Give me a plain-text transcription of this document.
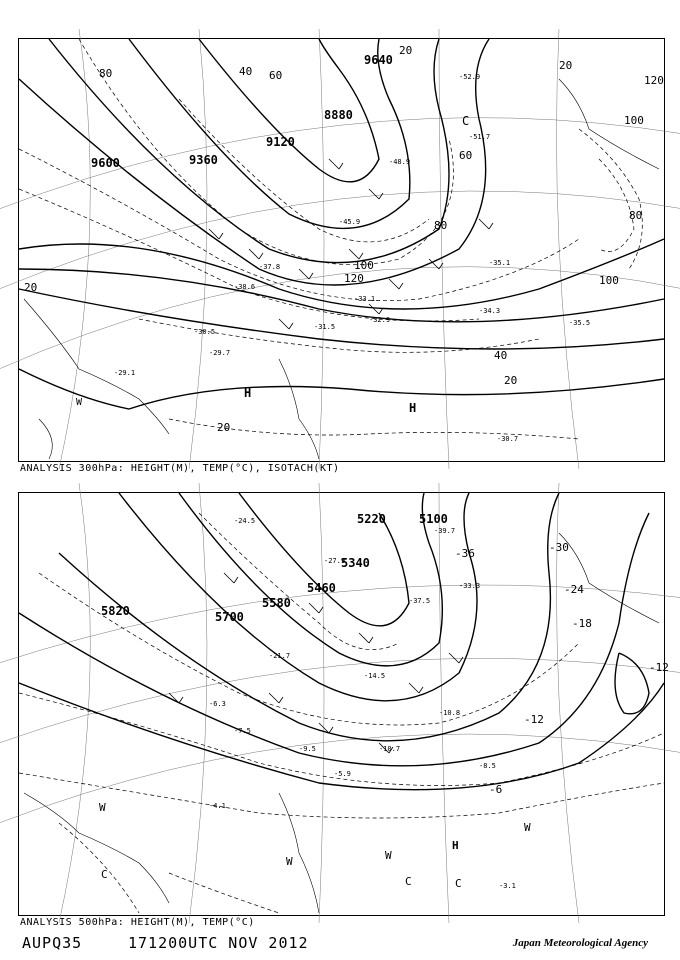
9600	9360
9120
8880
9640
80	40 60
20
60
80
100
120
20
100
80
120
100
20
20
40
20
-52.9
-51.7
-48.9
-45.9
-37.8
-33.1
-31.5
-30.5
-29.7
-34.3
-35.5
-38.6
-29.1
-30.7
-32.9
-35.1
H
H
C
W
ANALYSIS 300hPa: HEIGHT(M), TEMP(°C), ISOTACH(KT)
5820	5700
5580
5460
5220	5100
5340
-36	-30
-24
-18
-12
-6
-12
-24.5
-27.9
-33.3
-37.5
-39.7
-21.7
-14.5
-10.8
-6.3
-7.5
-8.5
-4.1
-3.1
-9.5	-10.7
-5.9
H
W
W	W
W
C
C	C
ANALYSIS 500hPa: HEIGHT(M), TEMP(°C)
AUPQ35	171200UTC NOV 2012	Japan Meteorological Agency
